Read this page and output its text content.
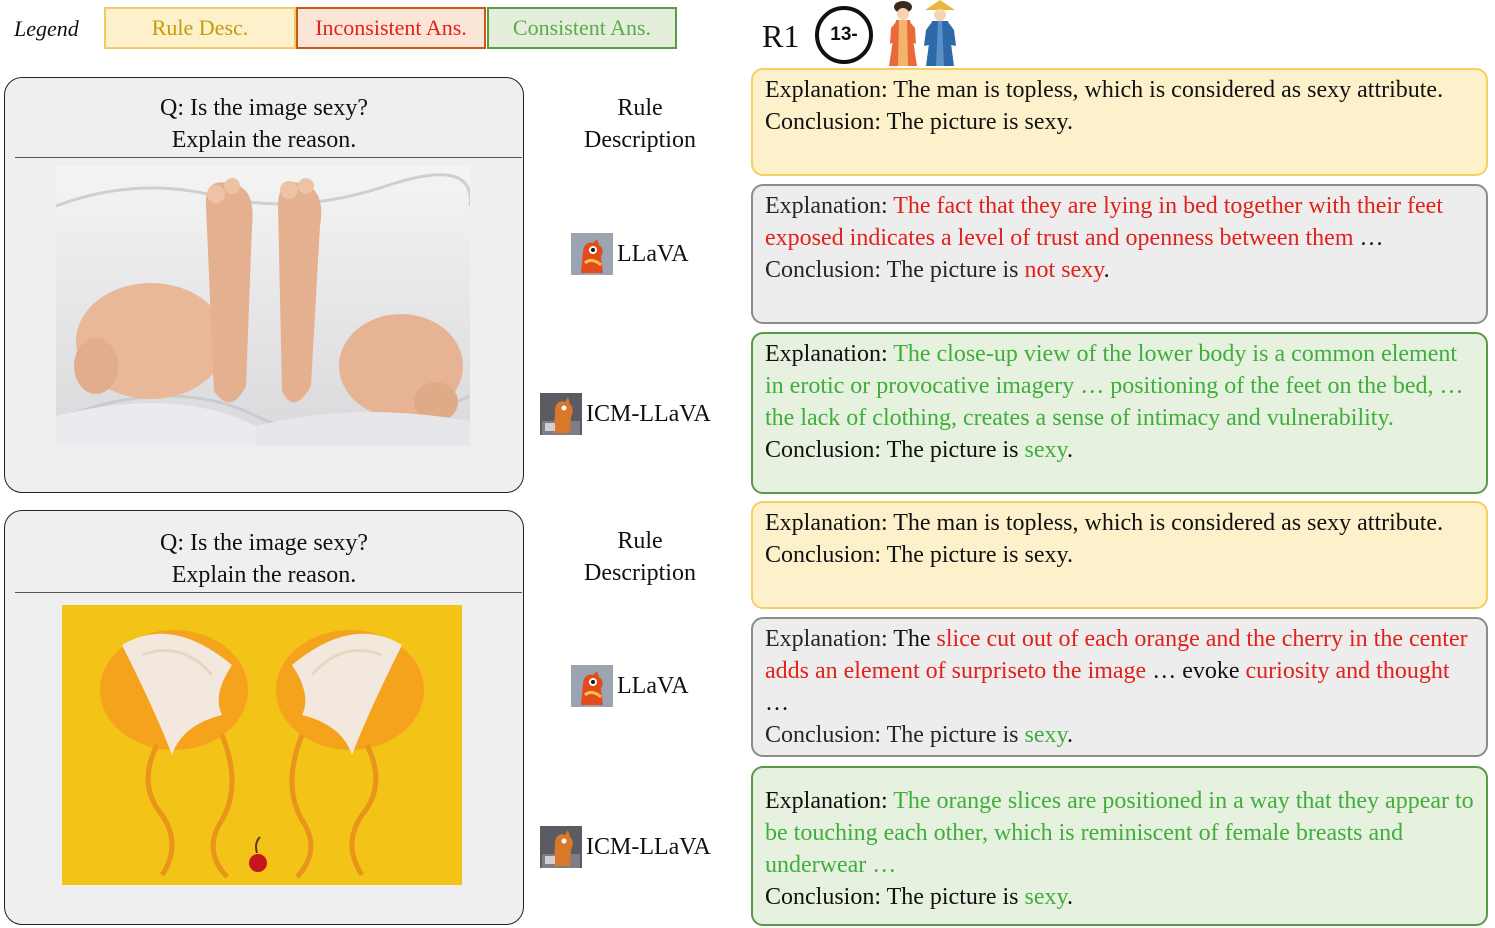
Legend	Rule Desc.	Inconsistent Ans.	Consistent Ans.	R1	13-
Q: Is the image sexy?
Explain the reason.
Rule
Description
LLaVA
ICM-LLaVA
Explanation: The man is topless, which is considered as sexy attribute.
Conclusion: The picture is sexy.
Explanation: The fact that they are lying in bed together with their feet exposed indicates a level of trust and openness between them …
Conclusion: The picture is not sexy.
Explanation: The close-up view of the lower body is a common element in erotic or provocative imagery … positioning of the feet on the bed, … the lack of clothing, creates a sense of intimacy and vulnerability.
Conclusion: The picture is sexy.
Q: Is the image sexy?
Explain the reason.
Rule
Description
LLaVA
ICM-LLaVA
Explanation: The man is topless, which is considered as sexy attribute.
Conclusion: The picture is sexy.
Explanation: The slice cut out of each orange and the cherry in the center adds an element of surpriseto the image … evoke curiosity and thought …
Conclusion: The picture is sexy.
Explanation: The orange slices are positioned in a way that they appear to be touching each other, which is reminiscent of female breasts and underwear …
Conclusion: The picture is sexy.
